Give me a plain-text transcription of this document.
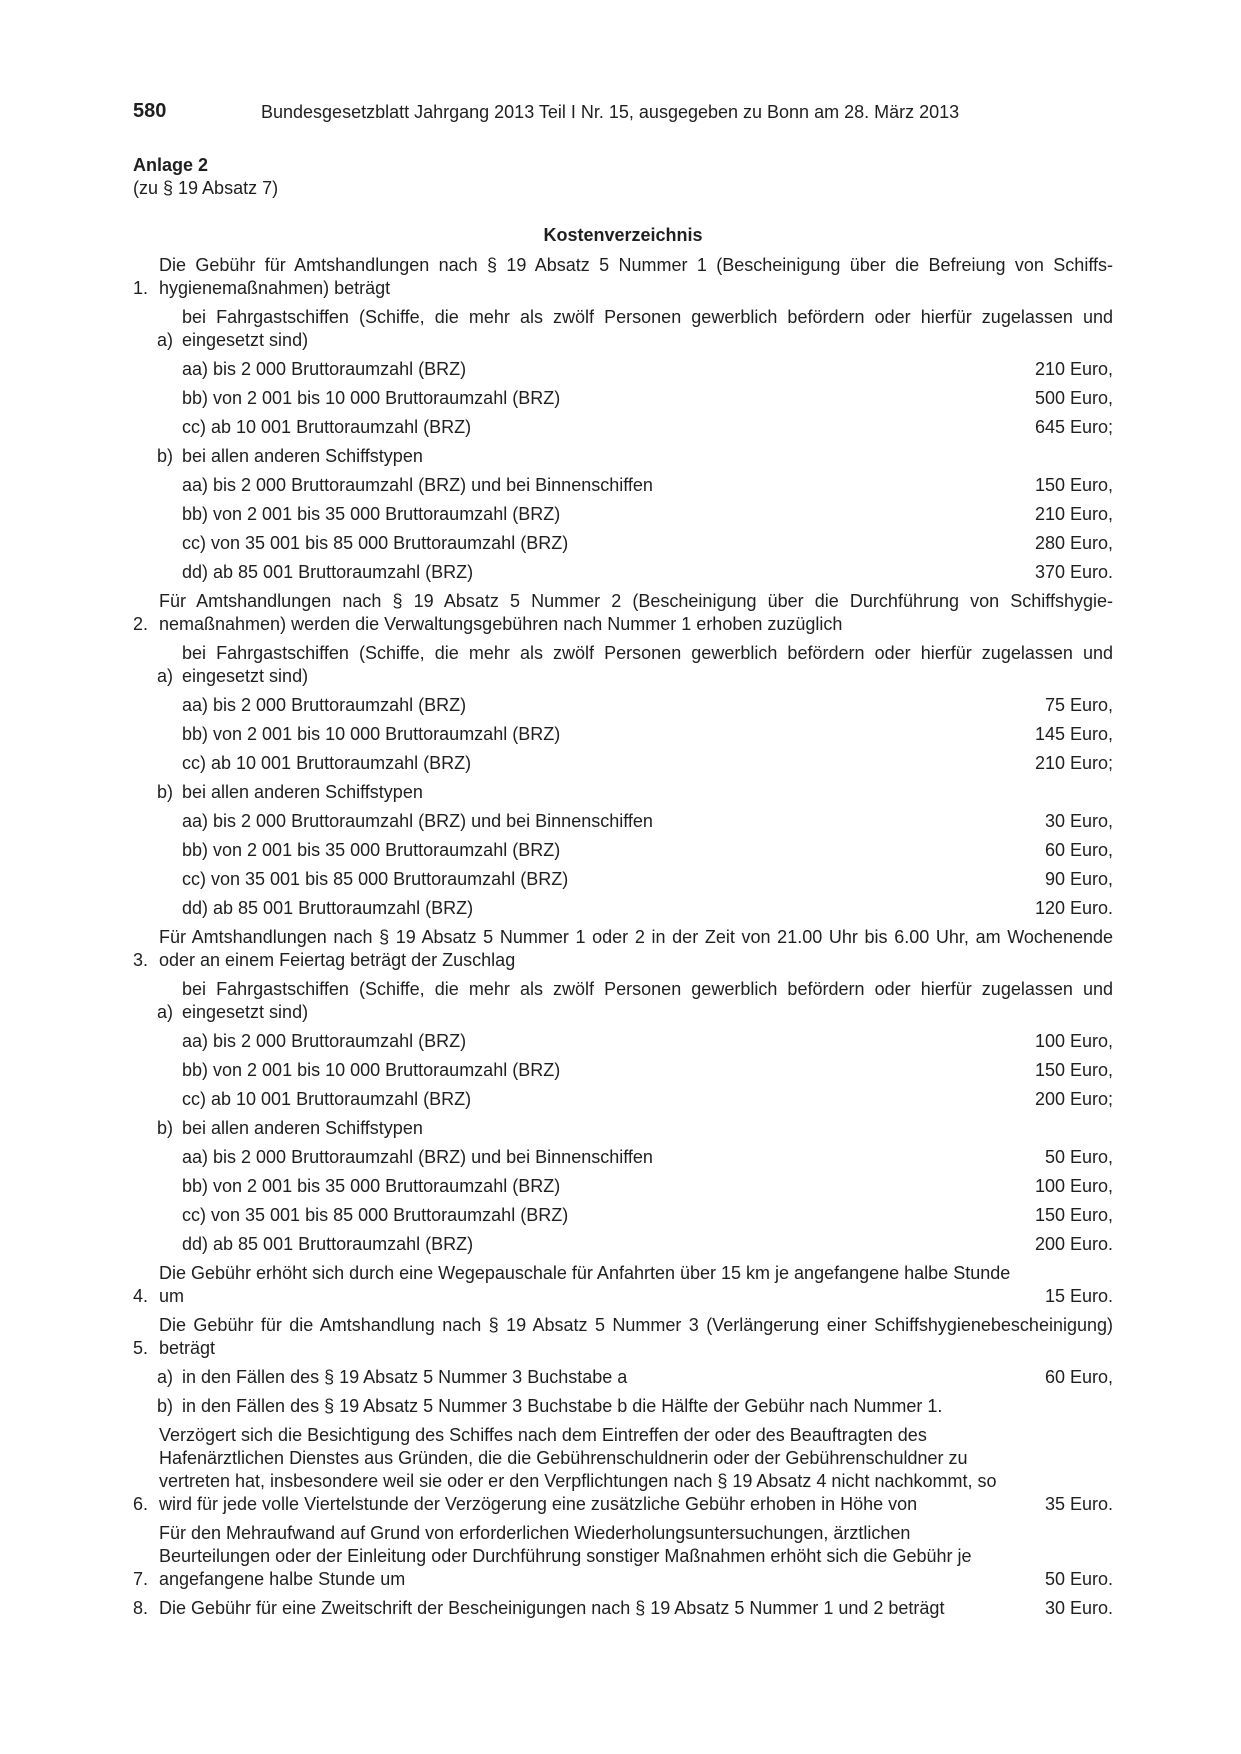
580	Bundesgesetzblatt Jahrgang 2013 Teil I Nr. 15, ausgegeben zu Bonn am 28. März 2013
Anlage 2
(zu § 19 Absatz 7)
Kostenverzeichnis
1.
Die Gebühr für Amtshandlungen nach § 19 Absatz 5 Nummer 1 (Bescheinigung über die Befreiung von Schiffshygienemaßnahmen) beträgt
a)
bei Fahrgastschiffen (Schiffe, die mehr als zwölf Personen gewerblich befördern oder hierfür zugelassen und eingesetzt sind)
aa) bis 2 000 Bruttoraumzahl (BRZ)	210 Euro,
bb) von 2 001 bis 10 000 Bruttoraumzahl (BRZ)	500 Euro,
cc) ab 10 001 Bruttoraumzahl (BRZ)	645 Euro;
b) bei allen anderen Schiffstypen
aa) bis 2 000 Bruttoraumzahl (BRZ) und bei Binnenschiffen	150 Euro,
bb) von 2 001 bis 35 000 Bruttoraumzahl (BRZ)	210 Euro,
cc) von 35 001 bis 85 000 Bruttoraumzahl (BRZ)	280 Euro,
dd) ab 85 001 Bruttoraumzahl (BRZ)	370 Euro.
2.
Für Amtshandlungen nach § 19 Absatz 5 Nummer 2 (Bescheinigung über die Durchführung von Schiffshygienemaßnahmen) werden die Verwaltungsgebühren nach Nummer 1 erhoben zuzüglich
a)
bei Fahrgastschiffen (Schiffe, die mehr als zwölf Personen gewerblich befördern oder hierfür zugelassen und eingesetzt sind)
aa) bis 2 000 Bruttoraumzahl (BRZ)	75 Euro,
bb) von 2 001 bis 10 000 Bruttoraumzahl (BRZ)	145 Euro,
cc) ab 10 001 Bruttoraumzahl (BRZ)	210 Euro;
b) bei allen anderen Schiffstypen
aa) bis 2 000 Bruttoraumzahl (BRZ) und bei Binnenschiffen	30 Euro,
bb) von 2 001 bis 35 000 Bruttoraumzahl (BRZ)	60 Euro,
cc) von 35 001 bis 85 000 Bruttoraumzahl (BRZ)	90 Euro,
dd) ab 85 001 Bruttoraumzahl (BRZ)	120 Euro.
3.
Für Amtshandlungen nach § 19 Absatz 5 Nummer 1 oder 2 in der Zeit von 21.00 Uhr bis 6.00 Uhr, am Wochenende oder an einem Feiertag beträgt der Zuschlag
a)
bei Fahrgastschiffen (Schiffe, die mehr als zwölf Personen gewerblich befördern oder hierfür zugelassen und eingesetzt sind)
aa) bis 2 000 Bruttoraumzahl (BRZ)	100 Euro,
bb) von 2 001 bis 10 000 Bruttoraumzahl (BRZ)	150 Euro,
cc) ab 10 001 Bruttoraumzahl (BRZ)	200 Euro;
b) bei allen anderen Schiffstypen
aa) bis 2 000 Bruttoraumzahl (BRZ) und bei Binnenschiffen	50 Euro,
bb) von 2 001 bis 35 000 Bruttoraumzahl (BRZ)	100 Euro,
cc) von 35 001 bis 85 000 Bruttoraumzahl (BRZ)	150 Euro,
dd) ab 85 001 Bruttoraumzahl (BRZ)	200 Euro.
4.
Die Gebühr erhöht sich durch eine Wegepauschale für Anfahrten über 15 km je angefangene halbe Stunde um	15 Euro.
5.
Die Gebühr für die Amtshandlung nach § 19 Absatz 5 Nummer 3 (Verlängerung einer Schiffshygienebescheinigung) beträgt
a) in den Fällen des § 19 Absatz 5 Nummer 3 Buchstabe a	60 Euro,
b) in den Fällen des § 19 Absatz 5 Nummer 3 Buchstabe b die Hälfte der Gebühr nach Nummer 1.
6.
Verzögert sich die Besichtigung des Schiffes nach dem Eintreffen der oder des Beauftragten des Hafenärztlichen Dienstes aus Gründen, die die Gebührenschuldnerin oder der Gebührenschuldner zu vertreten hat, insbesondere weil sie oder er den Verpflichtungen nach § 19 Absatz 4 nicht nachkommt, so wird für jede volle Viertelstunde der Verzögerung eine zusätzliche Gebühr erhoben in Höhe von	35 Euro.
7.
Für den Mehraufwand auf Grund von erforderlichen Wiederholungsuntersuchungen, ärztlichen Beurteilungen oder der Einleitung oder Durchführung sonstiger Maßnahmen erhöht sich die Gebühr je angefangene halbe Stunde um	50 Euro.
8. Die Gebühr für eine Zweitschrift der Bescheinigungen nach § 19 Absatz 5 Nummer 1 und 2 beträgt	30 Euro.
